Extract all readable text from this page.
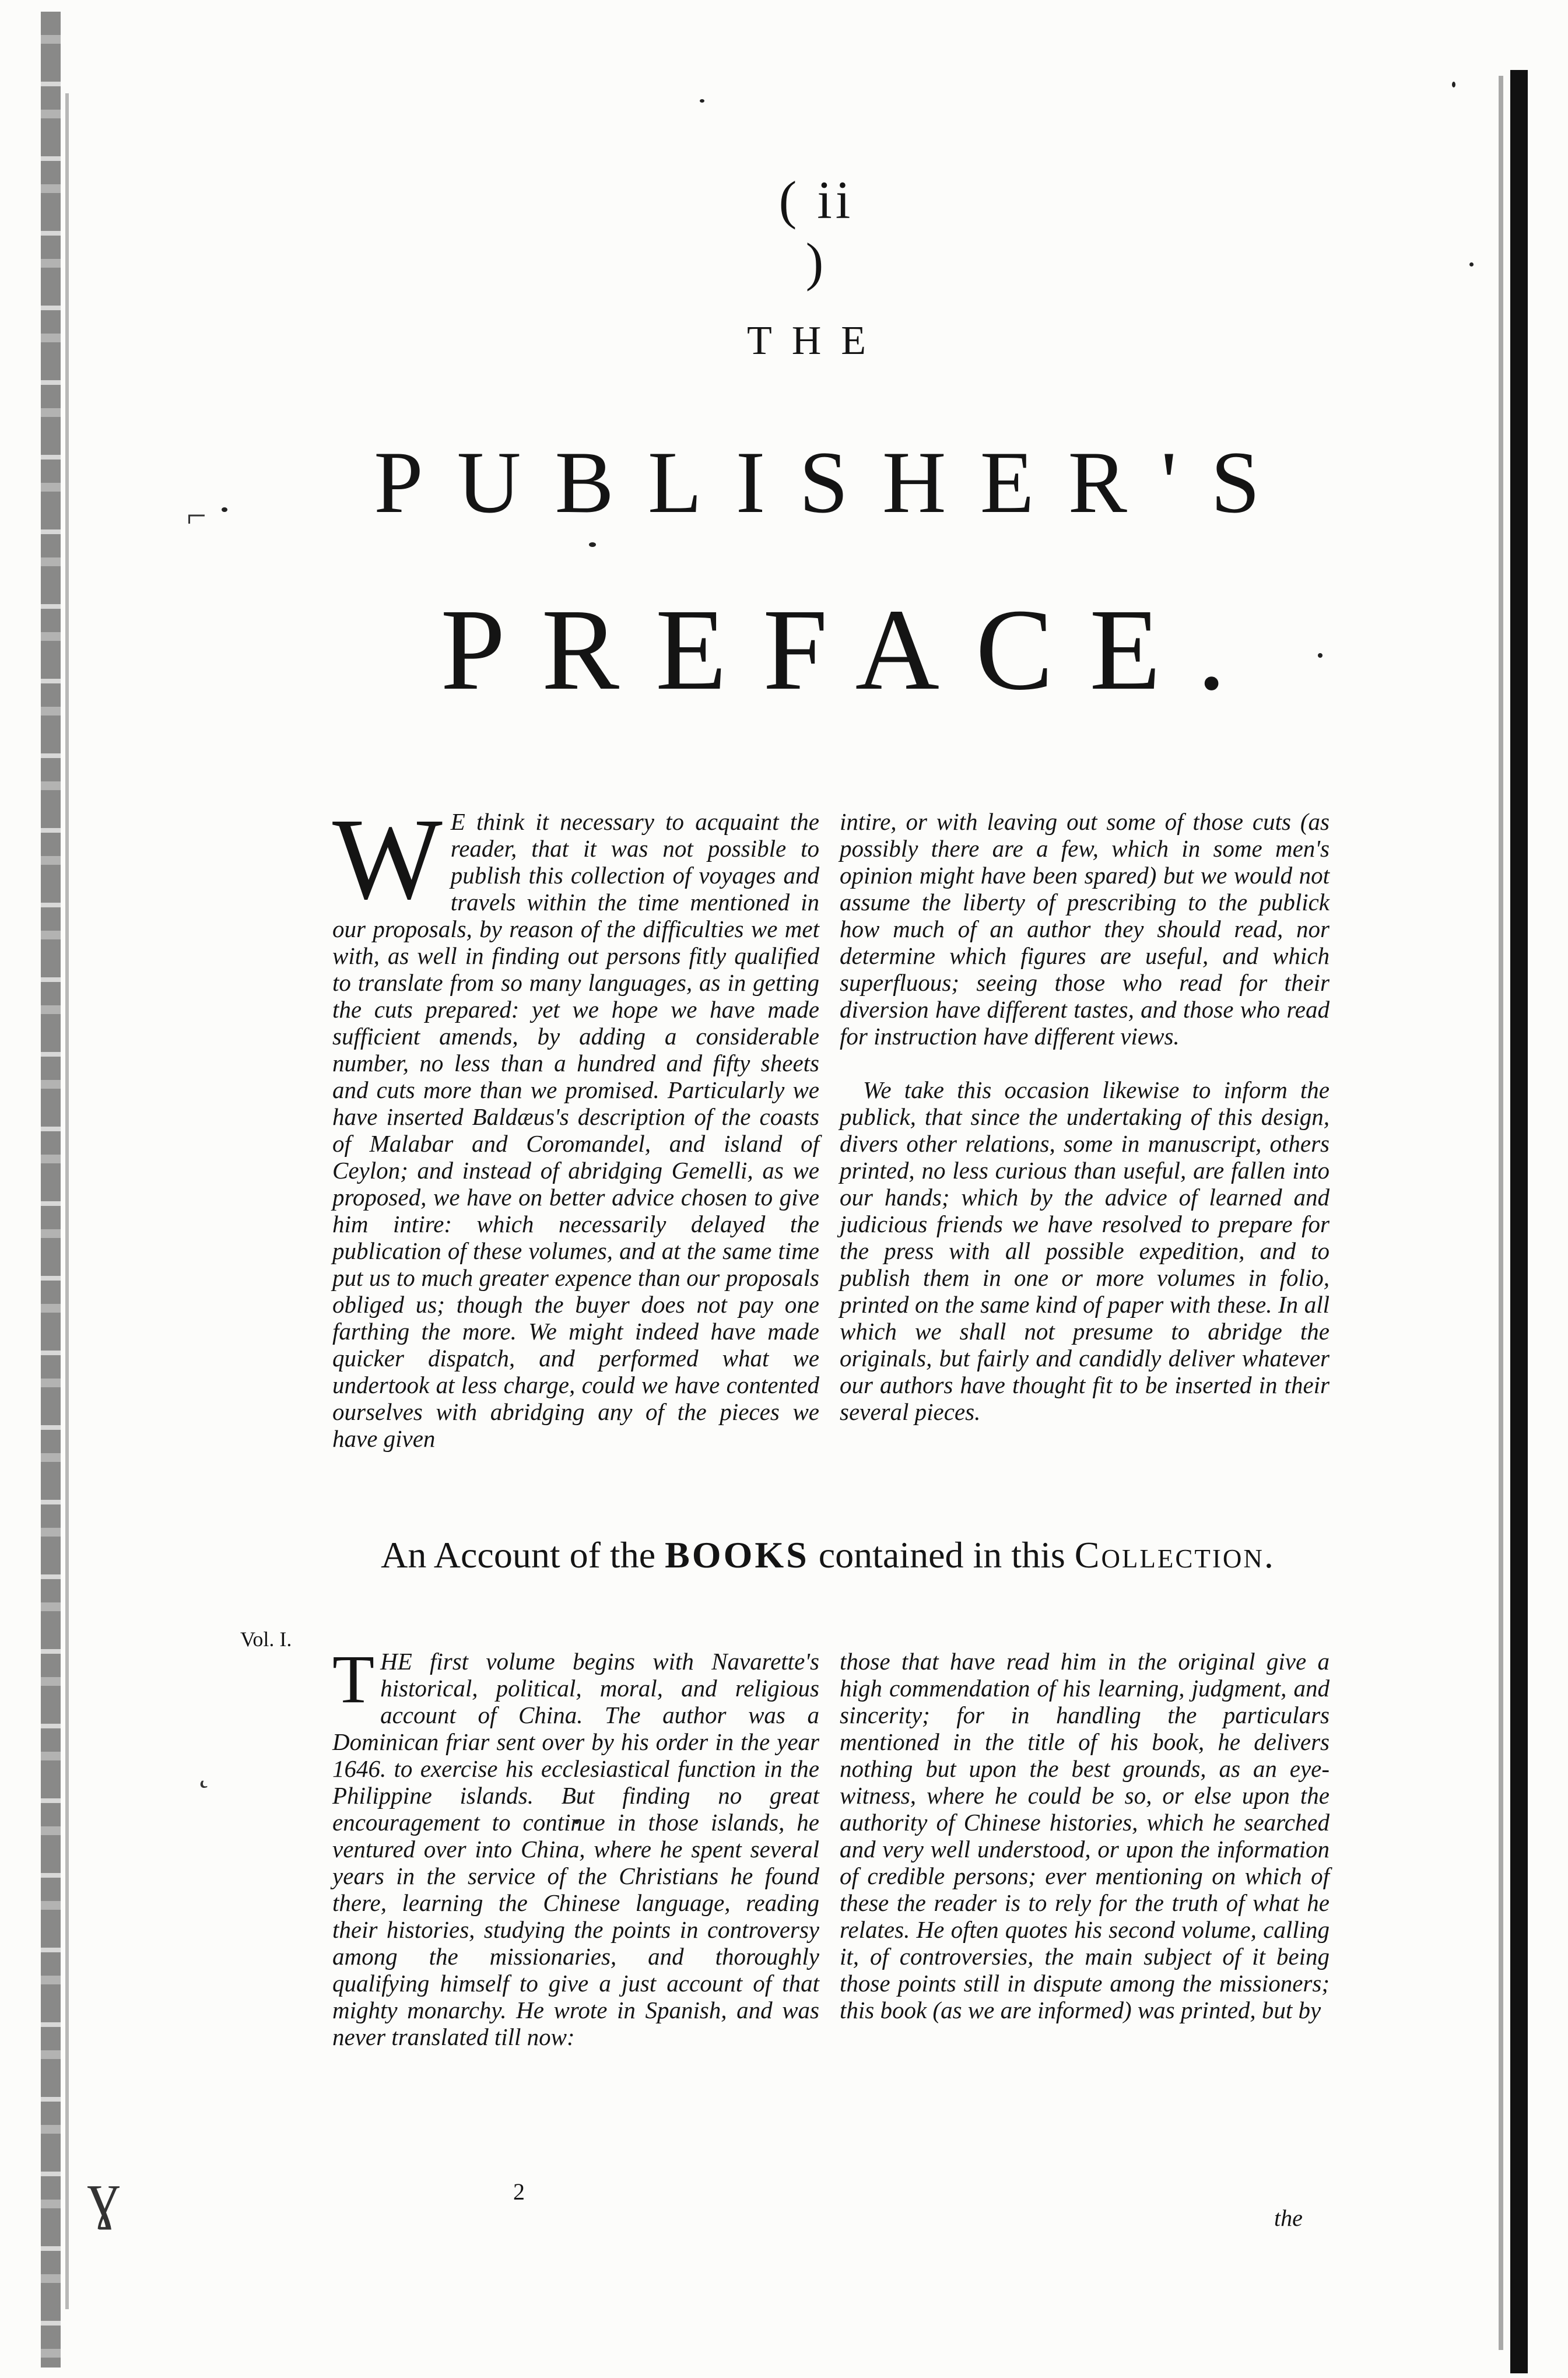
⌐
˛
ɣ
( ii )
THE
PUBLISHER'S
PREFACE.

W E think it necessary to acquaint the reader, that it was not possible to publish this collection of voyages and travels within the time mentioned in our proposals, by reason of the difficulties we met with, as well in finding out persons fitly qualified to translate from so many languages, as in getting the cuts prepared: yet we hope we have made sufficient amends, by adding a considerable number, no less than a hundred and fifty sheets and cuts more than we promised. Particularly we have inserted Baldæus's description of the coasts of Malabar and Coromandel, and island of Ceylon; and instead of abridging Gemelli, as we proposed, we have on better advice chosen to give him intire: which necessarily delayed the publication of these volumes, and at the same time put us to much greater expence than our proposals obliged us; though the buyer does not pay one farthing the more. We might indeed have made quicker dispatch, and performed what we undertook at less charge, could we have contented ourselves with abridging any of the pieces we have given

intire, or with leaving out some of those cuts (as possibly there are a few, which in some men's opinion might have been spared) but we would not assume the liberty of prescribing to the publick how much of an author they should read, nor determine which figures are useful, and which superfluous; seeing those who read for their diversion have different tastes, and those who read for instruction have different views.

We take this occasion likewise to inform the publick, that since the undertaking of this design, divers other relations, some in manuscript, others printed, no less curious than useful, are fallen into our hands; which by the advice of learned and judicious friends we have resolved to prepare for the press with all possible expedition, and to publish them in one or more volumes in folio, printed on the same kind of paper with these. In all which we shall not presume to abridge the originals, but fairly and candidly deliver whatever our authors have thought fit to be inserted in their several pieces.

An Account of the BOOKS contained in this Collection.
Vol. I.

THE first volume begins with Navarette's historical, political, moral, and religious account of China. The author was a Dominican friar sent over by his order in the year 1646. to exercise his ecclesiastical function in the Philippine islands. But finding no great encouragement to continue in those islands, he ventured over into China, where he spent several years in the service of the Christians he found there, learning the Chinese language, reading their histories, studying the points in controversy among the missionaries, and thoroughly qualifying himself to give a just account of that mighty monarchy. He wrote in Spanish, and was never translated till now:

those that have read him in the original give a high commendation of his learning, judgment, and sincerity; for in handling the particulars mentioned in the title of his book, he delivers nothing but upon the best grounds, as an eye-witness, where he could be so, or else upon the authority of Chinese histories, which he searched and very well understood, or upon the information of credible persons; ever mentioning on which of these the reader is to rely for the truth of what he relates. He often quotes his second volume, calling it, of controversies, the main subject of it being those points still in dispute among the missioners; this book (as we are informed) was printed, but by

2
the
